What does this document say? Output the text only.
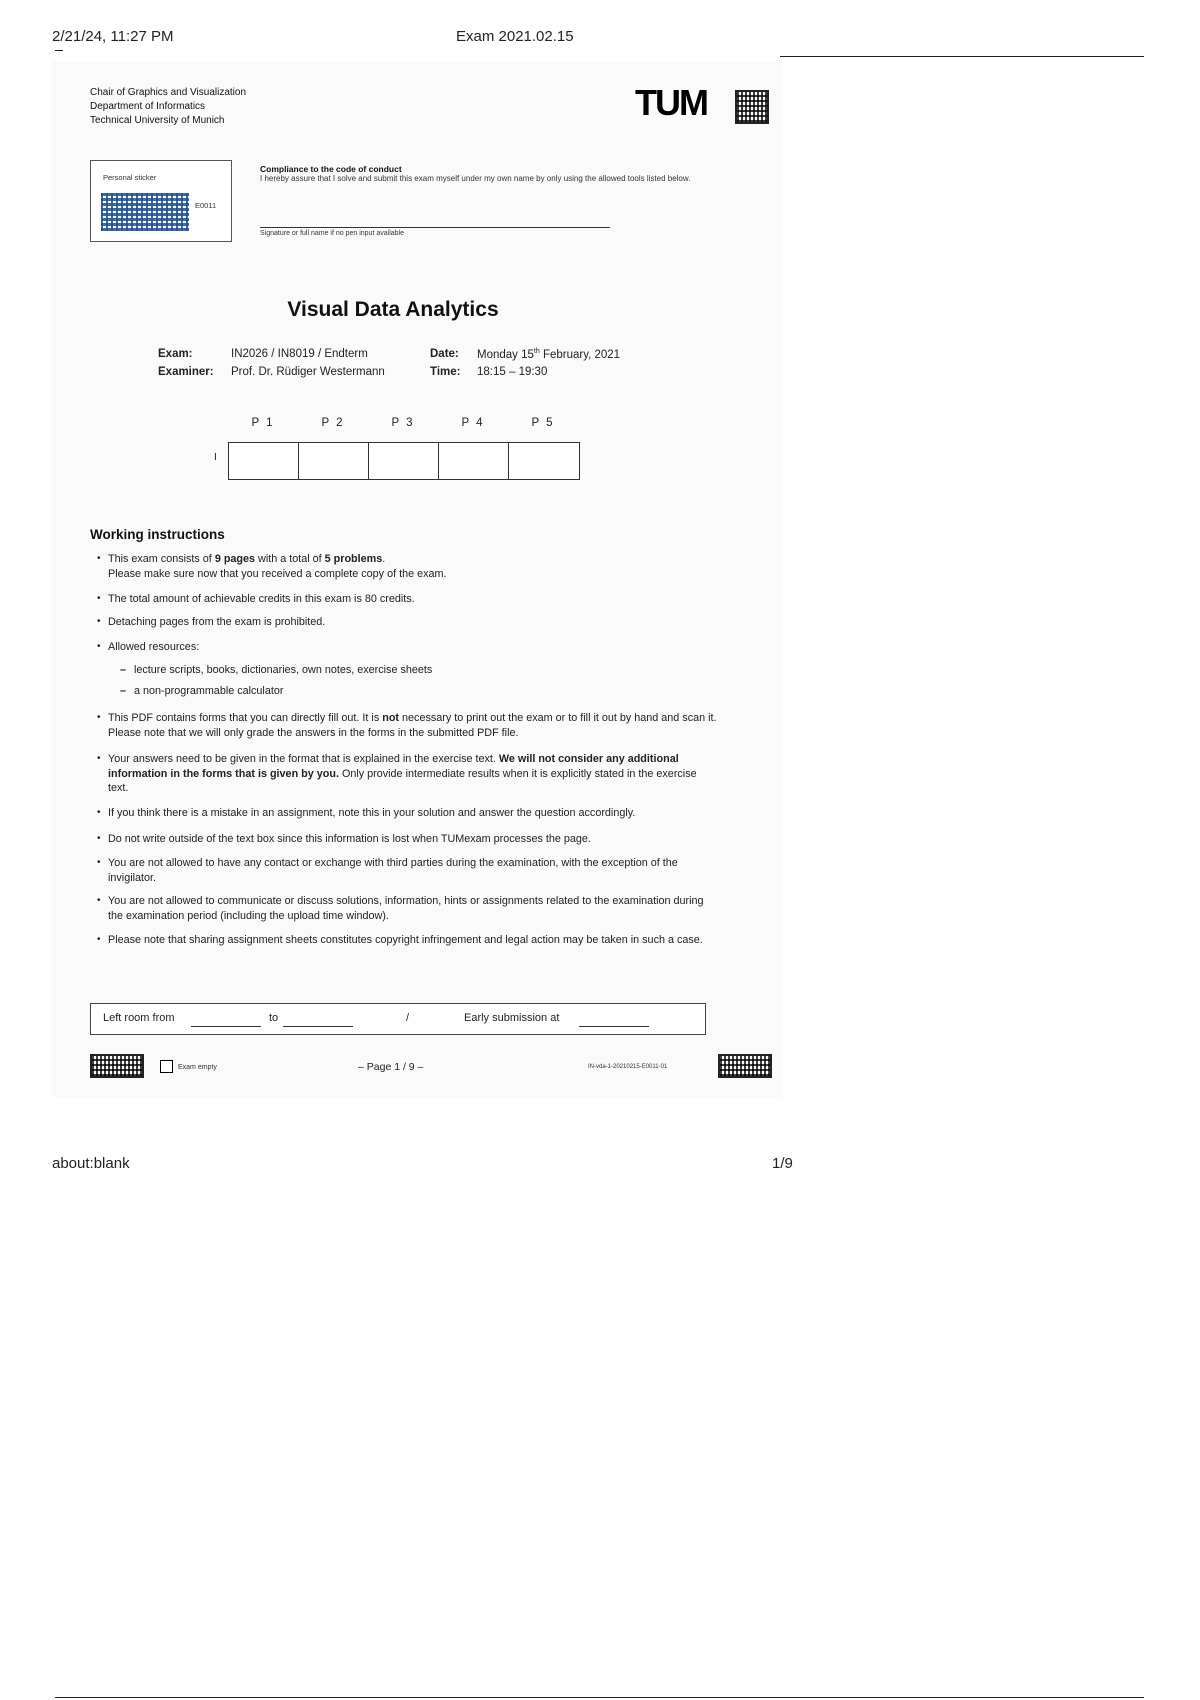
2/21/24, 11:27 PM	Exam 2021.02.15
Chair of Graphics and Visualization
Department of Informatics
Technical University of Munich	TUM
Personal sticker
E0011
Compliance to the code of conduct
I hereby assure that I solve and submit this exam myself under my own name by only using the allowed tools listed below.
Signature or full name if no pen input available
Visual Data Analytics
Exam:	IN2026 / IN8019 / Endterm
Examiner: Prof. Dr. Rüdiger Westermann
Date: Monday 15th February, 2021
Time: 18:15 – 19:30
P 1	P 2	P 3	P 4	P 5
I
Working instructions
• This exam consists of 9 pages with a total of 5 problems.
Please make sure now that you received a complete copy of the exam.
• The total amount of achievable credits in this exam is 80 credits.
• Detaching pages from the exam is prohibited.
• Allowed resources:
– lecture scripts, books, dictionaries, own notes, exercise sheets
– a non-programmable calculator
• This PDF contains forms that you can directly fill out. It is not necessary to print out the exam or to fill it out by hand and scan it. Please note that we will only grade the answers in the forms in the submitted PDF file.
• Your answers need to be given in the format that is explained in the exercise text. We will not consider any additional information in the forms that is given by you. Only provide intermediate results when it is explicitly stated in the exercise text.
• If you think there is a mistake in an assignment, note this in your solution and answer the question accordingly.
• Do not write outside of the text box since this information is lost when TUMexam processes the page.
• You are not allowed to have any contact or exchange with third parties during the examination, with the exception of the invigilator.
• You are not allowed to communicate or discuss solutions, information, hints or assignments related to the examination during the examination period (including the upload time window).
• Please note that sharing assignment sheets constitutes copyright infringement and legal action may be taken in such a case.
Left room from	to	/	Early submission at
Exam empty	– Page 1 / 9 –	IN-vda-1-20210215-E0011-01
about:blank	1/9
